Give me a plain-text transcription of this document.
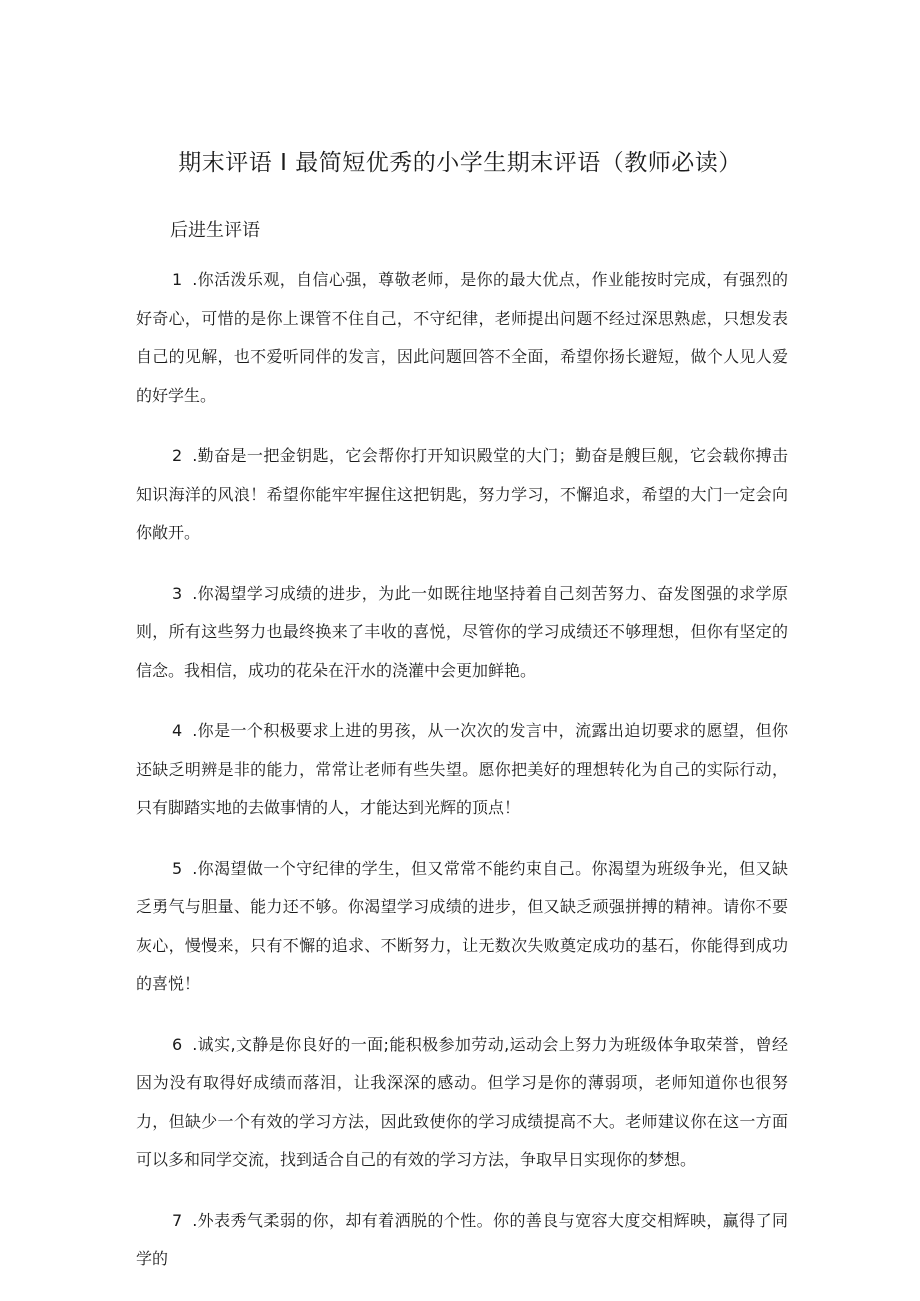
期末评语 I 最简短优秀的小学生期末评语（教师必读）
后进生评语
1 .你活泼乐观，自信心强，尊敬老师，是你的最大优点，作业能按时完成，有强烈的好奇心，可惜的是你上课管不住自己，不守纪律，老师提出问题不经过深思熟虑，只想发表自己的见解，也不爱听同伴的发言，因此问题回答不全面，希望你扬长避短，做个人见人爱的好学生。
2 .勤奋是一把金钥匙，它会帮你打开知识殿堂的大门；勤奋是艘巨舰，它会载你搏击知识海洋的风浪！希望你能牢牢握住这把钥匙，努力学习，不懈追求，希望的大门一定会向你敞开。
3 .你渴望学习成绩的进步，为此一如既往地坚持着自己刻苦努力、奋发图强的求学原则，所有这些努力也最终换来了丰收的喜悦，尽管你的学习成绩还不够理想，但你有坚定的信念。我相信，成功的花朵在汗水的浇灌中会更加鲜艳。
4 .你是一个积极要求上进的男孩，从一次次的发言中，流露出迫切要求的愿望，但你还缺乏明辨是非的能力，常常让老师有些失望。愿你把美好的理想转化为自己的实际行动，只有脚踏实地的去做事情的人，才能达到光辉的顶点！
5 .你渴望做一个守纪律的学生，但又常常不能约束自己。你渴望为班级争光，但又缺乏勇气与胆量、能力还不够。你渴望学习成绩的进步，但又缺乏顽强拼搏的精神。请你不要灰心，慢慢来，只有不懈的追求、不断努力，让无数次失败奠定成功的基石，你能得到成功的喜悦！
6 .诚实,文静是你良好的一面;能积极参加劳动,运动会上努力为班级体争取荣誉，曾经因为没有取得好成绩而落泪，让我深深的感动。但学习是你的薄弱项，老师知道你也很努力，但缺少一个有效的学习方法，因此致使你的学习成绩提高不大。老师建议你在这一方面可以多和同学交流，找到适合自己的有效的学习方法，争取早日实现你的梦想。
7 .外表秀气柔弱的你，却有着洒脱的个性。你的善良与宽容大度交相辉映，赢得了同学的
